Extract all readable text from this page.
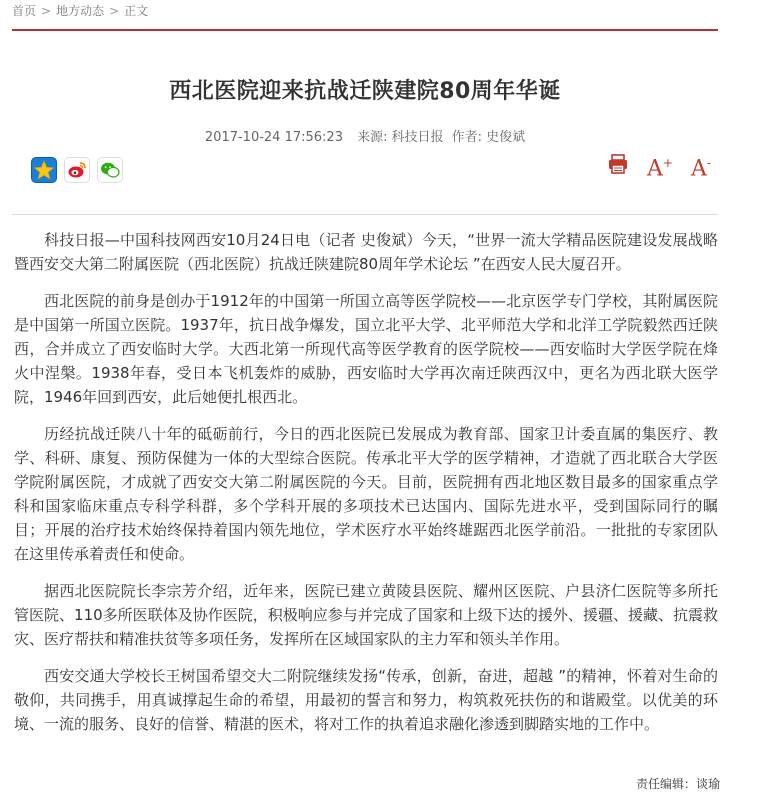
首页 > 地方动态 > 正文
西北医院迎来抗战迁陕建院80周年华诞
2017-10-24 17:56:23 来源: 科技日报 作者: 史俊斌
A+ A-

科技日报—中国科技网西安10月24日电（记者 史俊斌）今天，“世界一流大学精品医院建设发展战略暨西安交大第二附属医院（西北医院）抗战迁陕建院80周年学术论坛 ”在西安人民大厦召开。

西北医院的前身是创办于1912年的中国第一所国立高等医学院校——北京医学专门学校，其附属医院是中国第一所国立医院。1937年，抗日战争爆发，国立北平大学、北平师范大学和北洋工学院毅然西迁陕西，合并成立了西安临时大学。大西北第一所现代高等医学教育的医学院校——西安临时大学医学院在烽火中涅槃。1938年春，受日本飞机轰炸的威胁，西安临时大学再次南迁陕西汉中，更名为西北联大医学院，1946年回到西安，此后她便扎根西北。

历经抗战迁陕八十年的砥砺前行，今日的西北医院已发展成为教育部、国家卫计委直属的集医疗、教学、科研、康复、预防保健为一体的大型综合医院。传承北平大学的医学精神，才造就了西北联合大学医学院附属医院，才成就了西安交大第二附属医院的今天。目前，医院拥有西北地区数目最多的国家重点学科和国家临床重点专科学科群，多个学科开展的多项技术已达国内、国际先进水平，受到国际同行的瞩目；开展的治疗技术始终保持着国内领先地位，学术医疗水平始终雄踞西北医学前沿。一批批的专家团队在这里传承着责任和使命。

据西北医院院长李宗芳介绍，近年来，医院已建立黄陵县医院、耀州区医院、户县济仁医院等多所托管医院、110多所医联体及协作医院，积极响应参与并完成了国家和上级下达的援外、援疆、援藏、抗震救灾、医疗帮扶和精准扶贫等多项任务，发挥所在区域国家队的主力军和领头羊作用。

西安交通大学校长王树国希望交大二附院继续发扬“传承，创新，奋进，超越 ”的精神，怀着对生命的敬仰，共同携手，用真诚撑起生命的希望，用最初的誓言和努力，构筑救死扶伤的和谐殿堂。以优美的环境、一流的服务、良好的信誉、精湛的医术，将对工作的执着追求融化渗透到脚踏实地的工作中。

责任编辑：谈瑜
